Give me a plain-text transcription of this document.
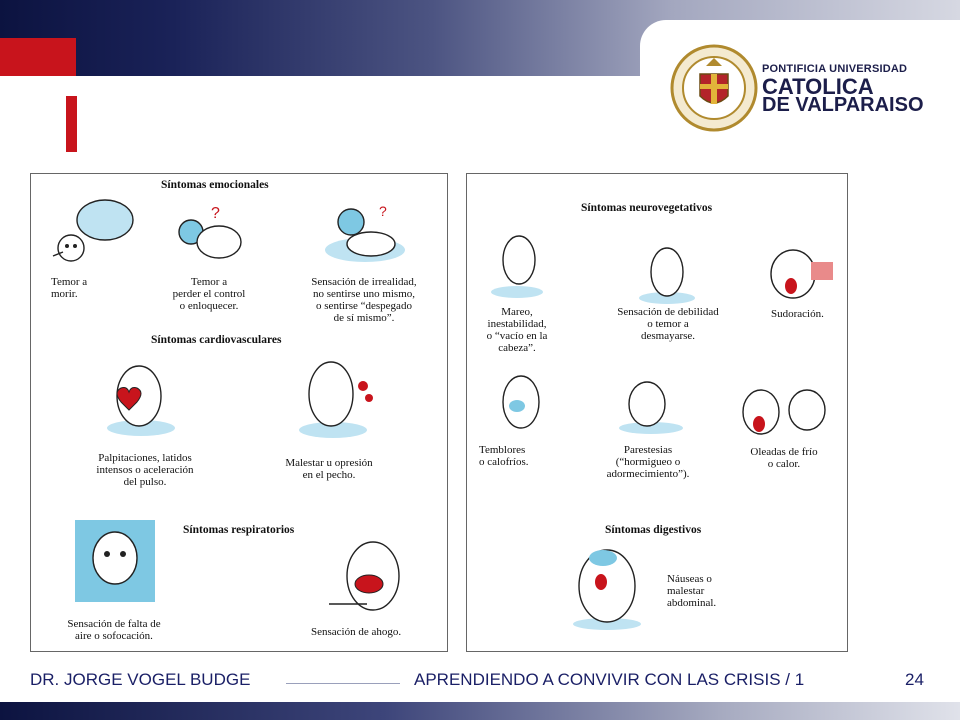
PONTIFICIA UNIVERSIDAD
CATOLICA
DE VALPARAISO
Síntomas emocionales
Temor a
morir.
?
Temor a
perder el control
o enloquecer.
?
Sensación de irrealidad,
no sentirse uno mismo,
o sentirse “despegado
de sí mismo”.
Síntomas cardiovasculares
Palpitaciones, latidos
intensos o aceleración
del pulso.
Malestar u opresión
en el pecho.
Síntomas respiratorios
Sensación de falta de
aire o sofocación.	Sensación de ahogo.
Síntomas neurovegetativos
Mareo,
inestabilidad,
o “vacío en la
cabeza”.
Sensación de debilidad
o temor a
desmayarse.
Sudoración.
Temblores
o calofríos.
Parestesias
(“hormigueo o
adormecimiento”).
Oleadas de frío
o calor.
Síntomas digestivos
Náuseas o
malestar
abdominal.
DR. JORGE VOGEL BUDGE	APRENDIENDO A CONVIVIR CON LAS CRISIS / 1	24
